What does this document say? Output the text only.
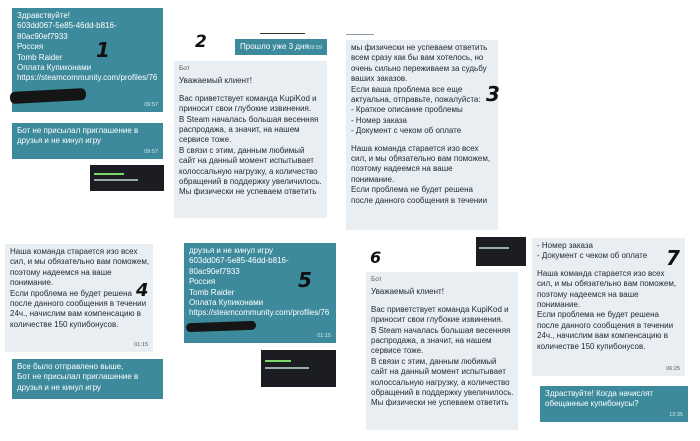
Здравствуйте!
603dd067-5e85-46dd-b816-
80ac90ef7933
Россия
Tomb Raider
Оплата Купиконами
https://steamcommunity.com/profiles/76
09:57
1
Бот не присылал приглашение в
друзья и не кинул игру
09:57
2	Прошло уже 3 дня 09:59
Бот
Уважаемый клиент!
Вас приветствует команда KupiKod и
приносит свои глубокие извинения.
В Steam началась большая весенняя
распродажа, а значит, на нашем
сервисе тоже.
В связи с этим, данным любимый
сайт на данный момент испытывает
колоссальную нагрузку, а количество
обращений в поддержку увеличилось.
Мы физически не успеваем ответить
мы физически не успеваем ответить
всем сразу как бы вам хотелось, но
очень сильно переживаем за судьбу
ваших заказов.
Если ваша проблема все еще
актуальна, отправьте, пожалуйста:
- Краткое описание проблемы
- Номер заказа
- Документ с чеком об оплате
Наша команда старается изо всех
сил, и мы обязательно вам поможем,
поэтому надеемся на ваше
понимание.
Если проблема не будет решена
после данного сообщения в течении
3
Наша команда старается изо всех
сил, и мы обязательно вам поможем,
поэтому надеемся на ваше
понимание.
Если проблема не будет решена
после данного сообщения в течении
24ч., начислим вам компенсацию в
количестве 150 купибонусов.
01:15
4
Все было отправлено выше,
Бот не присылал приглашение в
друзья и не кинул игру
друзья и не кинул игру
603dd067-5e85-46dd-b816-
80ac90ef7933
Россия
Tomb Raider
Оплата Купиконами
https://steamcommunity.com/profiles/76
01:15
5
6
Бот
Уважаемый клиент!
Вас приветствует команда KupiKod и
приносит свои глубокие извинения.
В Steam началась большая весенняя
распродажа, а значит, на нашем
сервисе тоже.
В связи с этим, данным любимый
сайт на данный момент испытывает
колоссальную нагрузку, а количество
обращений в поддержку увеличилось.
Мы физически не успеваем ответить
- Номер заказа
- Документ с чеком об оплате
Наша команда старается изо всех
сил, и мы обязательно вам поможем,
поэтому надеемся на ваше
понимание.
Если проблема не будет решена
после данного сообщения в течении
24ч., начислим вам компенсацию в
количестве 150 купибонусов.
06:25
7
Здраствуйте! Когда начислят
обещанные купибонусы?
13:35
